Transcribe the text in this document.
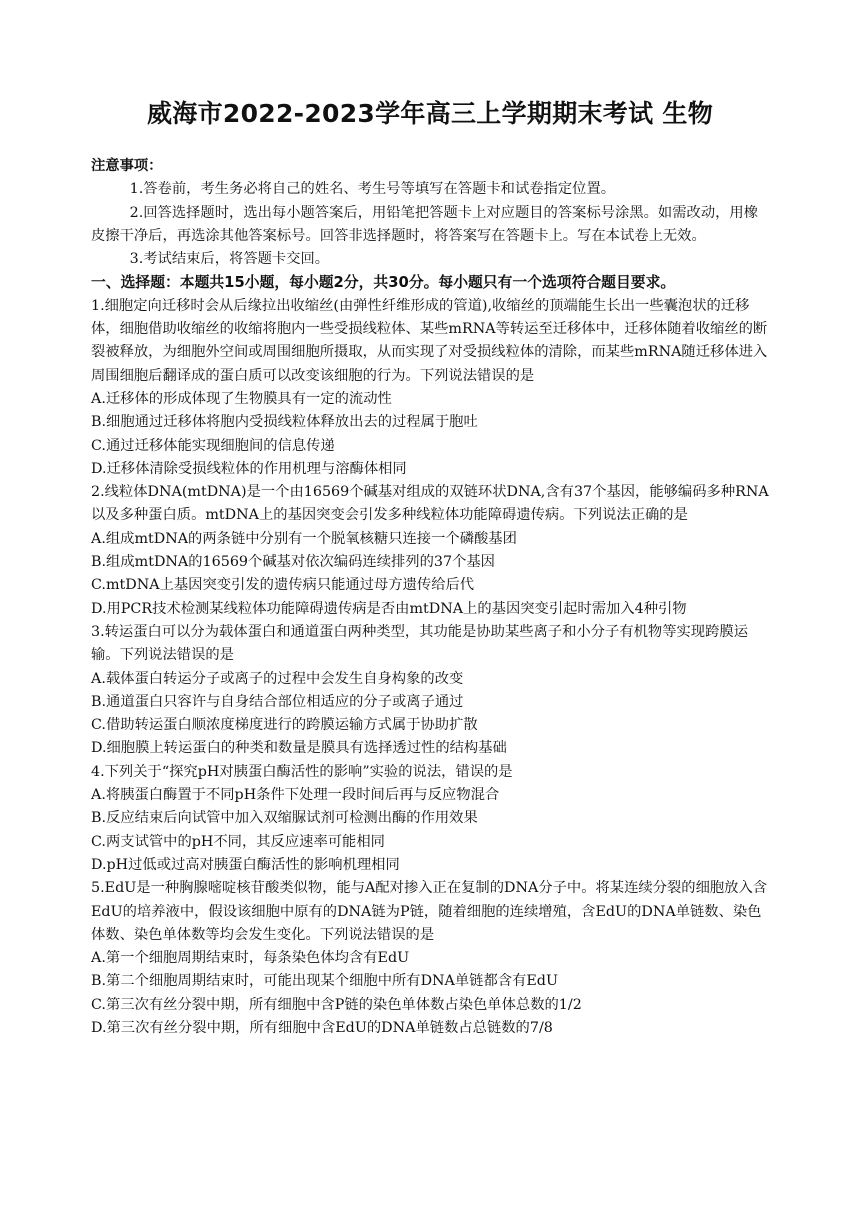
威海市2022-2023学年高三上学期期末考试 生物

注意事项：

1.答卷前，考生务必将自己的姓名、考生号等填写在答题卡和试卷指定位置。

2.回答选择题时，选出每小题答案后，用铅笔把答题卡上对应题目的答案标号涂黑。如需改动，用橡皮擦干净后，再选涂其他答案标号。回答非选择题时，将答案写在答题卡上。写在本试卷上无效。

3.考试结束后，将答题卡交回。

一、选择题：本题共15小题，每小题2分，共30分。每小题只有一个选项符合题目要求。

1.细胞定向迁移时会从后缘拉出收缩丝(由弹性纤维形成的管道),收缩丝的顶端能生长出一些囊泡状的迁移体，细胞借助收缩丝的收缩将胞内一些受损线粒体、某些mRNA等转运至迁移体中，迁移体随着收缩丝的断裂被释放，为细胞外空间或周围细胞所摄取，从而实现了对受损线粒体的清除，而某些mRNA随迁移体进入周围细胞后翻译成的蛋白质可以改变该细胞的行为。下列说法错误的是

A.迁移体的形成体现了生物膜具有一定的流动性

B.细胞通过迁移体将胞内受损线粒体释放出去的过程属于胞吐

C.通过迁移体能实现细胞间的信息传递

D.迁移体清除受损线粒体的作用机理与溶酶体相同

2.线粒体DNA(mtDNA)是一个由16569个碱基对组成的双链环状DNA,含有37个基因，能够编码多种RNA以及多种蛋白质。mtDNA上的基因突变会引发多种线粒体功能障碍遗传病。下列说法正确的是

A.组成mtDNA的两条链中分别有一个脱氧核糖只连接一个磷酸基团

B.组成mtDNA的16569个碱基对依次编码连续排列的37个基因

C.mtDNA上基因突变引发的遗传病只能通过母方遗传给后代

D.用PCR技术检测某线粒体功能障碍遗传病是否由mtDNA上的基因突变引起时需加入4种引物

3.转运蛋白可以分为载体蛋白和通道蛋白两种类型，其功能是协助某些离子和小分子有机物等实现跨膜运输。下列说法错误的是

A.载体蛋白转运分子或离子的过程中会发生自身构象的改变

B.通道蛋白只容许与自身结合部位相适应的分子或离子通过

C.借助转运蛋白顺浓度梯度进行的跨膜运输方式属于协助扩散

D.细胞膜上转运蛋白的种类和数量是膜具有选择透过性的结构基础

4.下列关于“探究pH对胰蛋白酶活性的影响”实验的说法，错误的是

A.将胰蛋白酶置于不同pH条件下处理一段时间后再与反应物混合

B.反应结束后向试管中加入双缩脲试剂可检测出酶的作用效果

C.两支试管中的pH不同，其反应速率可能相同

D.pH过低或过高对胰蛋白酶活性的影响机理相同

5.EdU是一种胸腺嘧啶核苷酸类似物，能与A配对掺入正在复制的DNA分子中。将某连续分裂的细胞放入含EdU的培养液中，假设该细胞中原有的DNA链为P链，随着细胞的连续增殖，含EdU的DNA单链数、染色体数、染色单体数等均会发生变化。下列说法错误的是

A.第一个细胞周期结束时，每条染色体均含有EdU

B.第二个细胞周期结束时，可能出现某个细胞中所有DNA单链都含有EdU

C.第三次有丝分裂中期，所有细胞中含P链的染色单体数占染色单体总数的1/2

D.第三次有丝分裂中期，所有细胞中含EdU的DNA单链数占总链数的7/8
